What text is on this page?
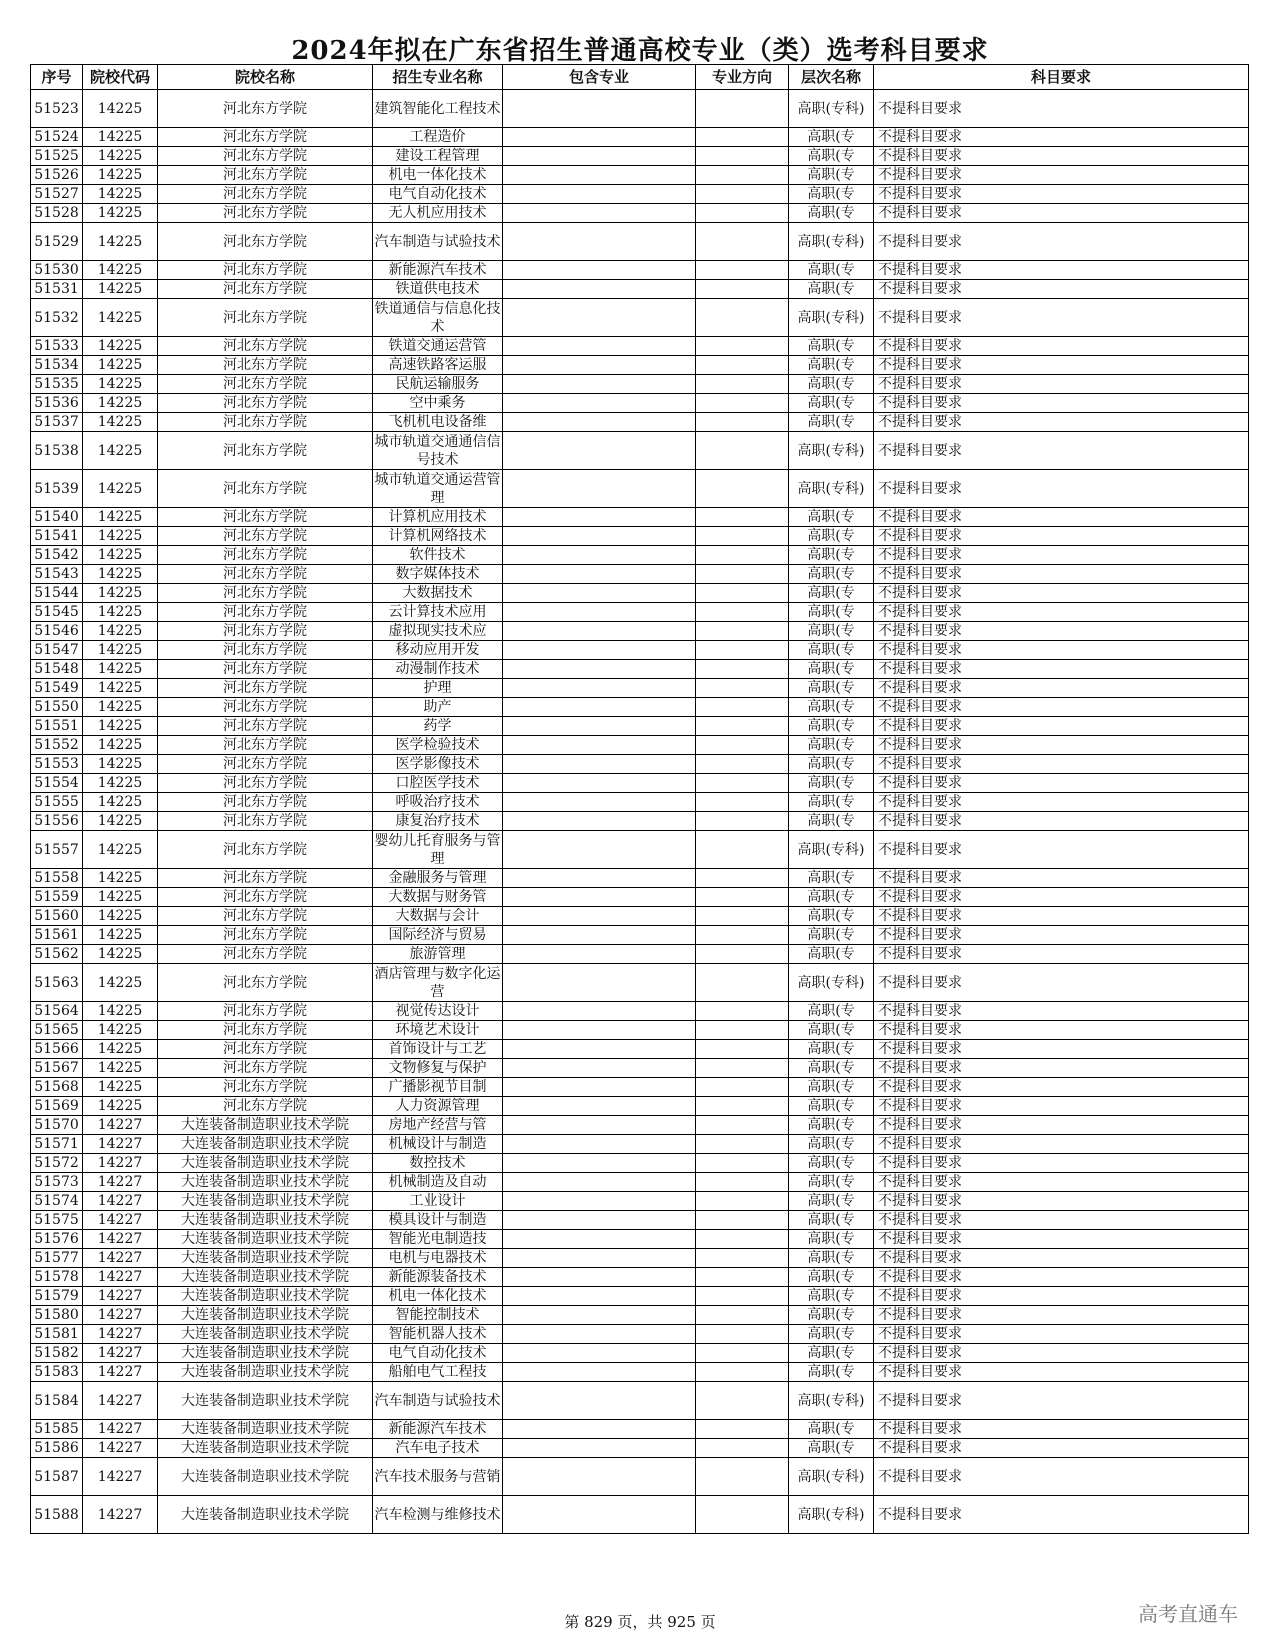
2024年拟在广东省招生普通高校专业（类）选考科目要求
序号	院校代码	院校名称	招生专业名称	包含专业	专业方向	层次名称	科目要求
51523	14225	河北东方学院	建筑智能化工程技术			高职(专科)	不提科目要求
51524	14225	河北东方学院	工程造价			高职(专	不提科目要求
51525	14225	河北东方学院	建设工程管理			高职(专	不提科目要求
51526	14225	河北东方学院	机电一体化技术			高职(专	不提科目要求
51527	14225	河北东方学院	电气自动化技术			高职(专	不提科目要求
51528	14225	河北东方学院	无人机应用技术			高职(专	不提科目要求
51529	14225	河北东方学院	汽车制造与试验技术			高职(专科)	不提科目要求
51530	14225	河北东方学院	新能源汽车技术			高职(专	不提科目要求
51531	14225	河北东方学院	铁道供电技术			高职(专	不提科目要求
51532	14225	河北东方学院	铁道通信与信息化技术			高职(专科)	不提科目要求
51533	14225	河北东方学院	铁道交通运营管			高职(专	不提科目要求
51534	14225	河北东方学院	高速铁路客运服			高职(专	不提科目要求
51535	14225	河北东方学院	民航运输服务			高职(专	不提科目要求
51536	14225	河北东方学院	空中乘务			高职(专	不提科目要求
51537	14225	河北东方学院	飞机机电设备维			高职(专	不提科目要求
51538	14225	河北东方学院	城市轨道交通通信信号技术			高职(专科)	不提科目要求
51539	14225	河北东方学院	城市轨道交通运营管理			高职(专科)	不提科目要求
51540	14225	河北东方学院	计算机应用技术			高职(专	不提科目要求
51541	14225	河北东方学院	计算机网络技术			高职(专	不提科目要求
51542	14225	河北东方学院	软件技术			高职(专	不提科目要求
51543	14225	河北东方学院	数字媒体技术			高职(专	不提科目要求
51544	14225	河北东方学院	大数据技术			高职(专	不提科目要求
51545	14225	河北东方学院	云计算技术应用			高职(专	不提科目要求
51546	14225	河北东方学院	虚拟现实技术应			高职(专	不提科目要求
51547	14225	河北东方学院	移动应用开发			高职(专	不提科目要求
51548	14225	河北东方学院	动漫制作技术			高职(专	不提科目要求
51549	14225	河北东方学院	护理			高职(专	不提科目要求
51550	14225	河北东方学院	助产			高职(专	不提科目要求
51551	14225	河北东方学院	药学			高职(专	不提科目要求
51552	14225	河北东方学院	医学检验技术			高职(专	不提科目要求
51553	14225	河北东方学院	医学影像技术			高职(专	不提科目要求
51554	14225	河北东方学院	口腔医学技术			高职(专	不提科目要求
51555	14225	河北东方学院	呼吸治疗技术			高职(专	不提科目要求
51556	14225	河北东方学院	康复治疗技术			高职(专	不提科目要求
51557	14225	河北东方学院	婴幼儿托育服务与管理			高职(专科)	不提科目要求
51558	14225	河北东方学院	金融服务与管理			高职(专	不提科目要求
51559	14225	河北东方学院	大数据与财务管			高职(专	不提科目要求
51560	14225	河北东方学院	大数据与会计			高职(专	不提科目要求
51561	14225	河北东方学院	国际经济与贸易			高职(专	不提科目要求
51562	14225	河北东方学院	旅游管理			高职(专	不提科目要求
51563	14225	河北东方学院	酒店管理与数字化运营			高职(专科)	不提科目要求
51564	14225	河北东方学院	视觉传达设计			高职(专	不提科目要求
51565	14225	河北东方学院	环境艺术设计			高职(专	不提科目要求
51566	14225	河北东方学院	首饰设计与工艺			高职(专	不提科目要求
51567	14225	河北东方学院	文物修复与保护			高职(专	不提科目要求
51568	14225	河北东方学院	广播影视节目制			高职(专	不提科目要求
51569	14225	河北东方学院	人力资源管理			高职(专	不提科目要求
51570	14227	大连装备制造职业技术学院	房地产经营与管			高职(专	不提科目要求
51571	14227	大连装备制造职业技术学院	机械设计与制造			高职(专	不提科目要求
51572	14227	大连装备制造职业技术学院	数控技术			高职(专	不提科目要求
51573	14227	大连装备制造职业技术学院	机械制造及自动			高职(专	不提科目要求
51574	14227	大连装备制造职业技术学院	工业设计			高职(专	不提科目要求
51575	14227	大连装备制造职业技术学院	模具设计与制造			高职(专	不提科目要求
51576	14227	大连装备制造职业技术学院	智能光电制造技			高职(专	不提科目要求
51577	14227	大连装备制造职业技术学院	电机与电器技术			高职(专	不提科目要求
51578	14227	大连装备制造职业技术学院	新能源装备技术			高职(专	不提科目要求
51579	14227	大连装备制造职业技术学院	机电一体化技术			高职(专	不提科目要求
51580	14227	大连装备制造职业技术学院	智能控制技术			高职(专	不提科目要求
51581	14227	大连装备制造职业技术学院	智能机器人技术			高职(专	不提科目要求
51582	14227	大连装备制造职业技术学院	电气自动化技术			高职(专	不提科目要求
51583	14227	大连装备制造职业技术学院	船舶电气工程技			高职(专	不提科目要求
51584	14227	大连装备制造职业技术学院	汽车制造与试验技术			高职(专科)	不提科目要求
51585	14227	大连装备制造职业技术学院	新能源汽车技术			高职(专	不提科目要求
51586	14227	大连装备制造职业技术学院	汽车电子技术			高职(专	不提科目要求
51587	14227	大连装备制造职业技术学院	汽车技术服务与营销			高职(专科)	不提科目要求
51588	14227	大连装备制造职业技术学院	汽车检测与维修技术			高职(专科)	不提科目要求
第 829 页，共 925 页	高考直通车
